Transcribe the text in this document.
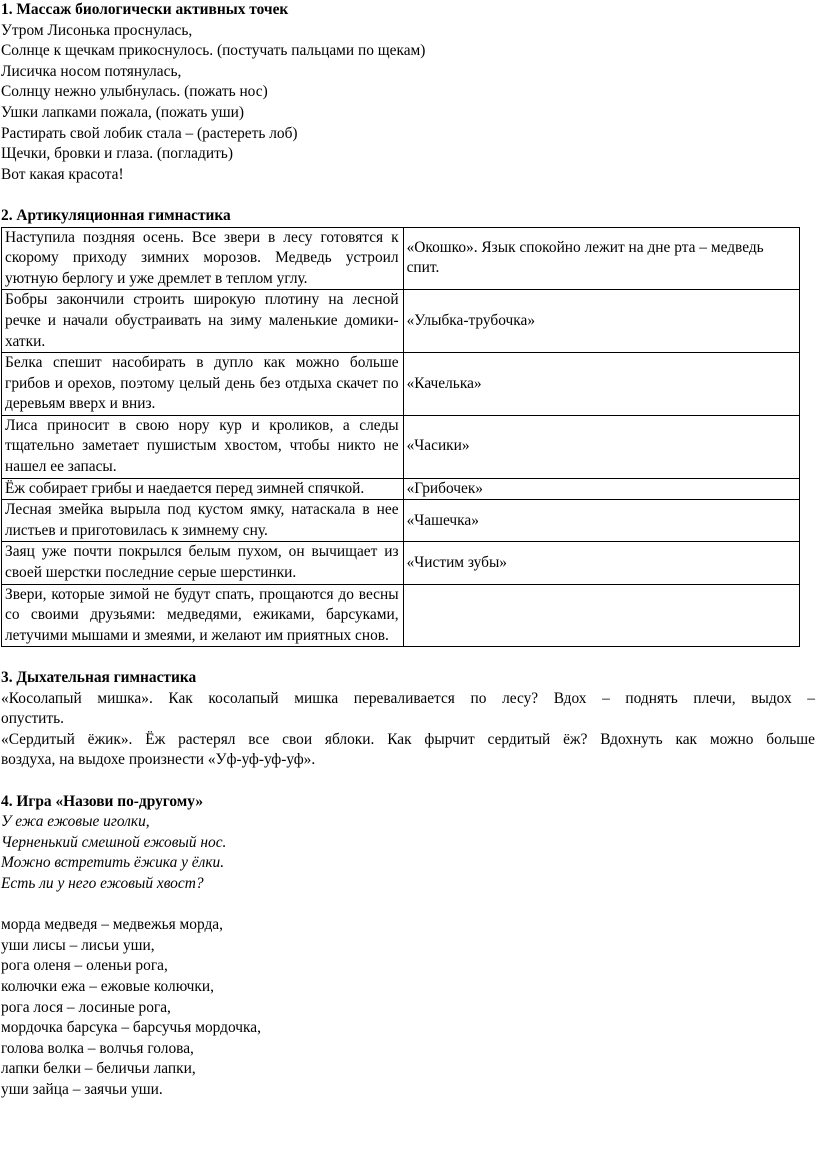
1. Массаж биологически активных точек
Утром Лисонька проснулась,
Солнце к щечкам прикоснулось. (постучать пальцами по щекам)
Лисичка носом потянулась,
Солнцу нежно улыбнулась. (пожать нос)
Ушки лапками пожала, (пожать уши)
Растирать свой лобик стала – (растереть лоб)
Щечки, бровки и глаза. (погладить)
Вот какая красота!
2. Артикуляционная гимнастика
Наступила поздняя осень. Все звери в лесу готовятся к скорому приходу зимних морозов. Медведь устроил уютную берлогу и уже дремлет в теплом углу.	«Окошко». Язык спокойно лежит на дне рта – медведь спит.
Бобры закончили строить широкую плотину на лесной речке и начали обустраивать на зиму маленькие домики-хатки.	«Улыбка-трубочка»
Белка спешит насобирать в дупло как можно больше грибов и орехов, поэтому целый день без отдыха скачет по деревьям вверх и вниз.	«Качелька»
Лиса приносит в свою нору кур и кроликов, а следы тщательно заметает пушистым хвостом, чтобы никто не нашел ее запасы.	«Часики»
Ёж собирает грибы и наедается перед зимней спячкой.	«Грибочек»
Лесная змейка вырыла под кустом ямку, натаскала в нее листьев и приготовилась к зимнему сну.	«Чашечка»
Заяц уже почти покрылся белым пухом, он вычищает из своей шерстки последние серые шерстинки.	«Чистим зубы»
Звери, которые зимой не будут спать, прощаются до весны со своими друзьями: медведями, ежиками, барсуками, летучими мышами и змеями, и желают им приятных снов.	
3. Дыхательная гимнастика
«Косолапый мишка». Как косолапый мишка переваливается по лесу? Вдох – поднять плечи, выдох –
опустить.
«Сердитый ёжик». Ёж растерял все свои яблоки. Как фырчит сердитый ёж? Вдохнуть как можно больше
воздуха, на выдохе произнести «Уф-уф-уф-уф».
4. Игра «Назови по-другому»
У ежа ежовые иголки,
Черненький смешной ежовый нос.
Можно встретить ёжика у ёлки.
Есть ли у него ежовый хвост?
морда медведя – медвежья морда,
уши лисы – лисьи уши,
рога оленя – оленьи рога,
колючки ежа – ежовые колючки,
рога лося – лосиные рога,
мордочка барсука – барсучья мордочка,
голова волка – волчья голова,
лапки белки – беличьи лапки,
уши зайца – заячьи уши.
